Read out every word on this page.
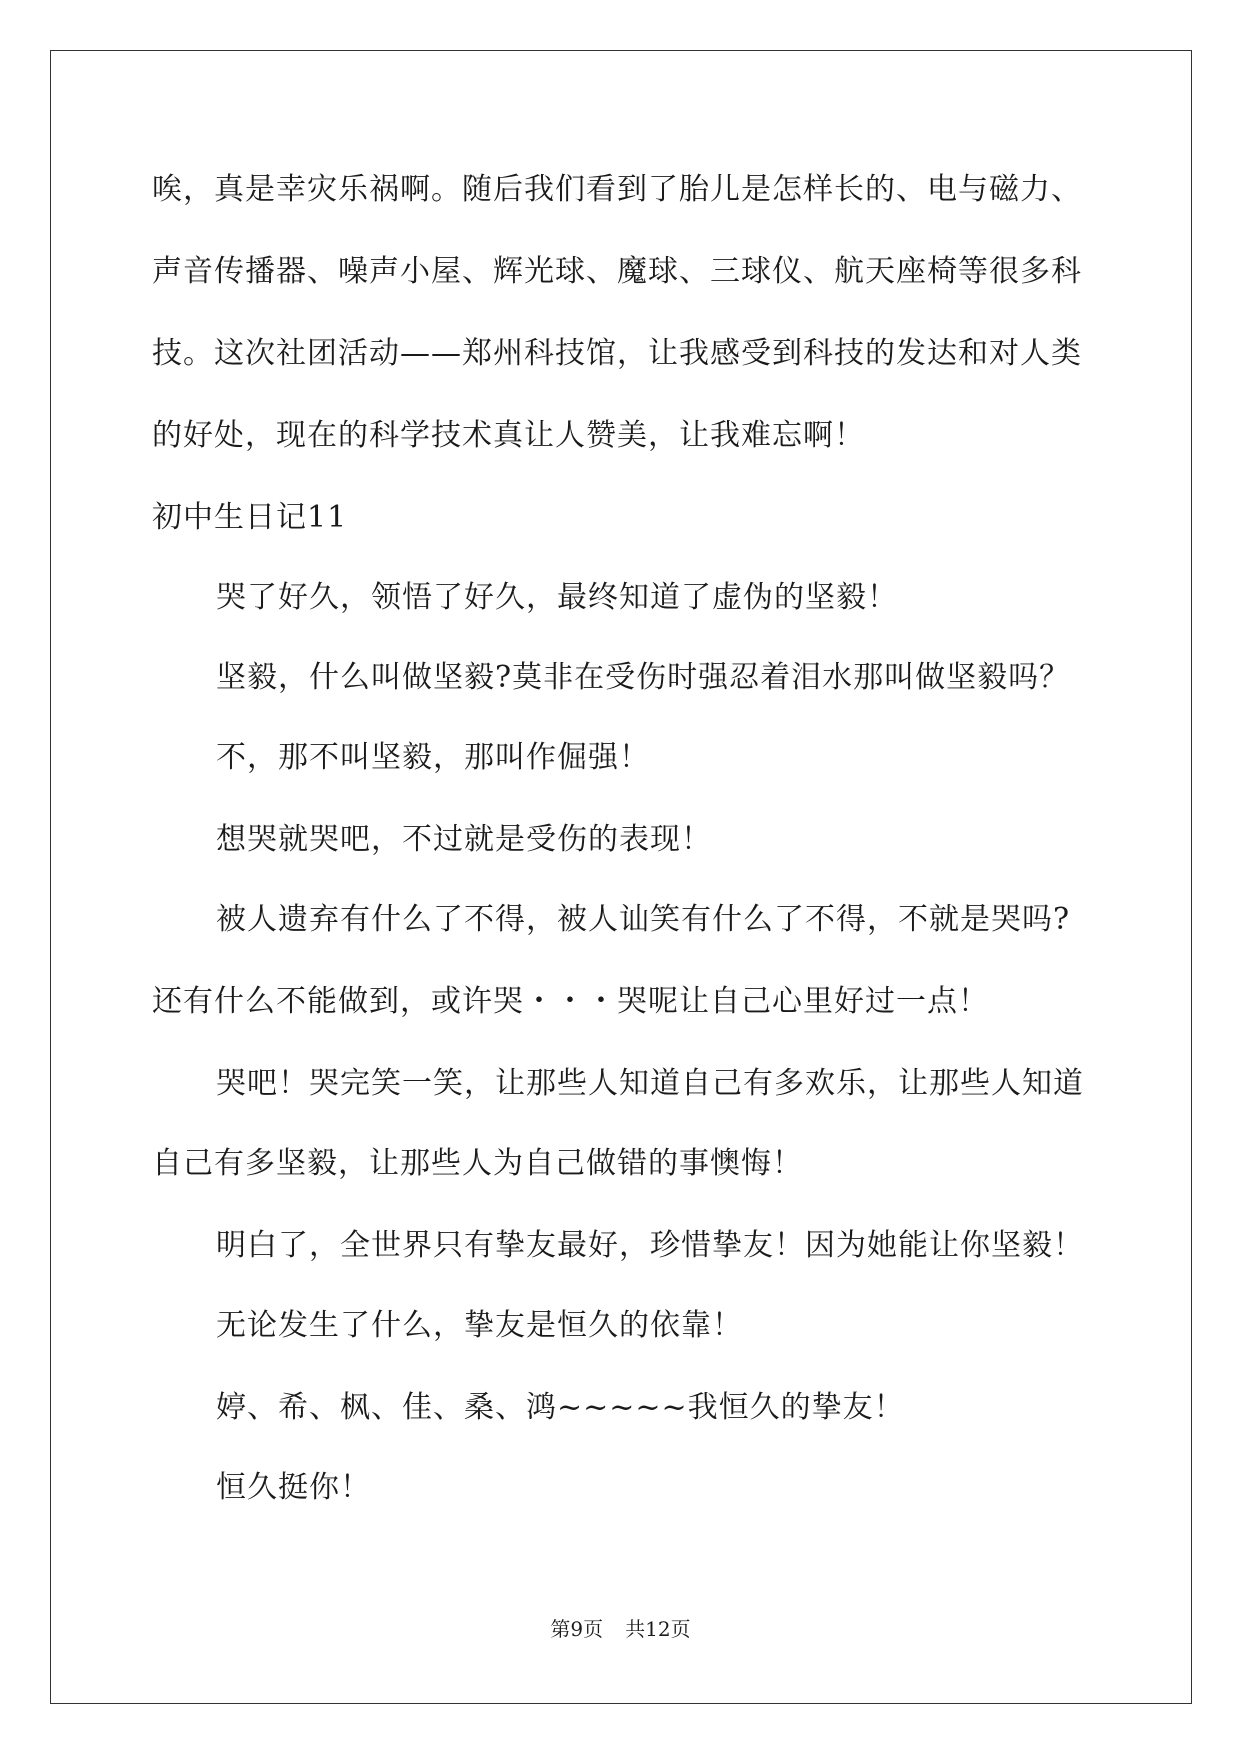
唉，真是幸灾乐祸啊。随后我们看到了胎儿是怎样长的、电与磁力、
声音传播器、噪声小屋、辉光球、魔球、三球仪、航天座椅等很多科
技。这次社团活动——郑州科技馆，让我感受到科技的发达和对人类
的好处，现在的科学技术真让人赞美，让我难忘啊！
初中生日记11
哭了好久，领悟了好久，最终知道了虚伪的坚毅！
坚毅，什么叫做坚毅?莫非在受伤时强忍着泪水那叫做坚毅吗？
不，那不叫坚毅，那叫作倔强！
想哭就哭吧，不过就是受伤的表现！
被人遗弃有什么了不得，被人讪笑有什么了不得，不就是哭吗?
还有什么不能做到，或许哭・・・哭呢让自己心里好过一点！
哭吧！哭完笑一笑，让那些人知道自己有多欢乐，让那些人知道
自己有多坚毅，让那些人为自己做错的事懊悔！
明白了，全世界只有挚友最好，珍惜挚友！因为她能让你坚毅！
无论发生了什么，挚友是恒久的依靠！
婷、希、枫、佳、桑、鸿~~~~~我恒久的挚友！
恒久挺你！
第9页 共12页
